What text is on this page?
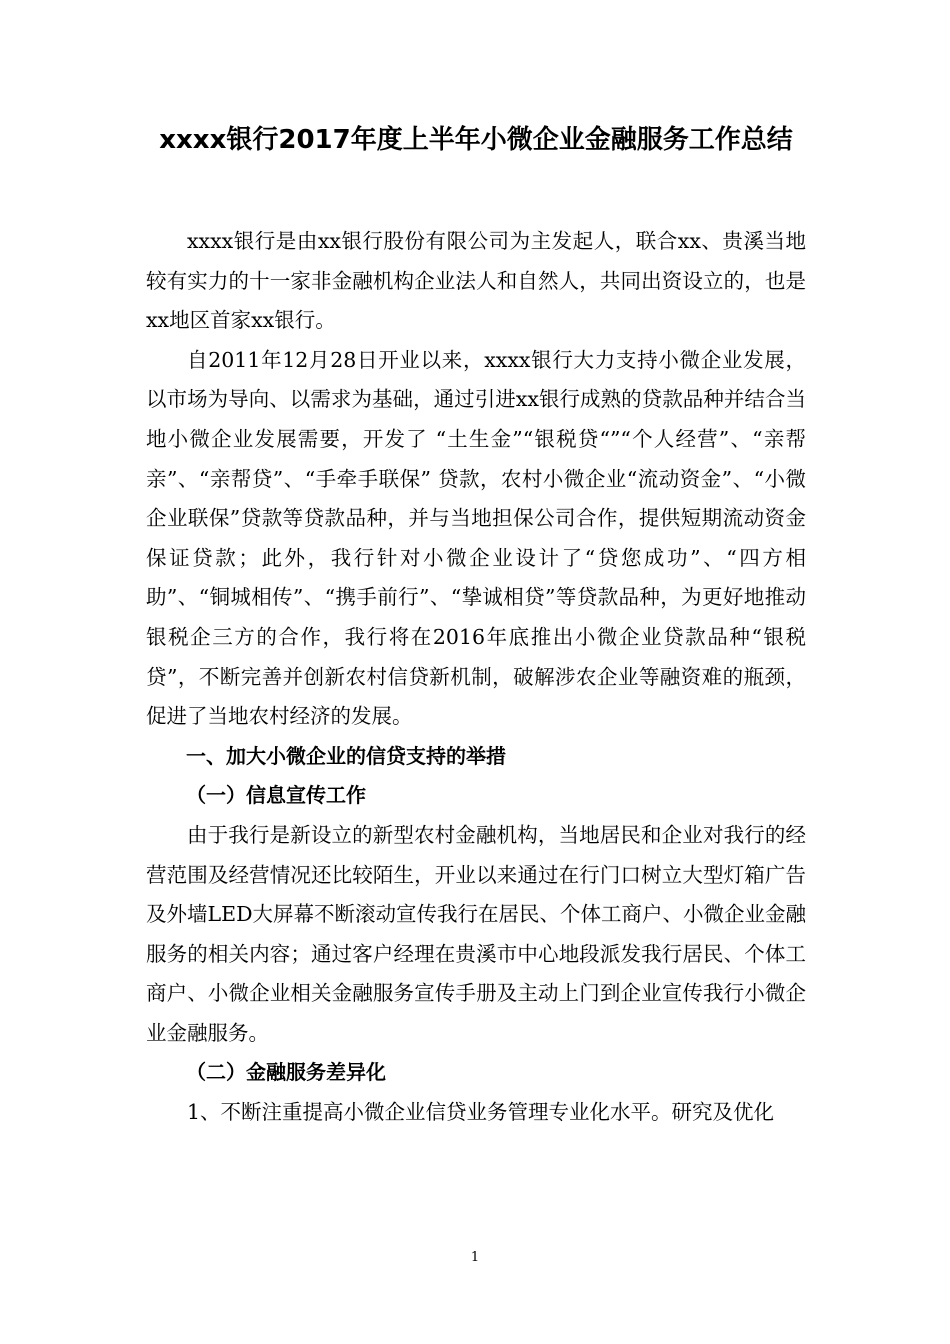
xxxx银行2017年度上半年小微企业金融服务工作总结

xxxx银行是由xx银行股份有限公司为主发起人，联合xx、贵溪当地较有实力的十一家非金融机构企业法人和自然人，共同出资设立的，也是xx地区首家xx银行。

自2011年12月28日开业以来，xxxx银行大力支持小微企业发展，以市场为导向、以需求为基础，通过引进xx银行成熟的贷款品种并结合当地小微企业发展需要，开发了 “土生金”“银税贷“”“个人经营”、“亲帮亲”、“亲帮贷”、“手牵手联保” 贷款，农村小微企业“流动资金”、“小微企业联保”贷款等贷款品种，并与当地担保公司合作，提供短期流动资金保证贷款；此外，我行针对小微企业设计了“贷您成功”、“四方相助”、“铜城相传”、“携手前行”、“挚诚相贷”等贷款品种，为更好地推动银税企三方的合作，我行将在2016年底推出小微企业贷款品种“银税贷”，不断完善并创新农村信贷新机制，破解涉农企业等融资难的瓶颈，促进了当地农村经济的发展。

一、加大小微企业的信贷支持的举措

（一）信息宣传工作

由于我行是新设立的新型农村金融机构，当地居民和企业对我行的经营范围及经营情况还比较陌生，开业以来通过在行门口树立大型灯箱广告及外墙LED大屏幕不断滚动宣传我行在居民、个体工商户、小微企业金融服务的相关内容；通过客户经理在贵溪市中心地段派发我行居民、个体工商户、小微企业相关金融服务宣传手册及主动上门到企业宣传我行小微企业金融服务。

（二）金融服务差异化

1、不断注重提高小微企业信贷业务管理专业化水平。研究及优化

1
